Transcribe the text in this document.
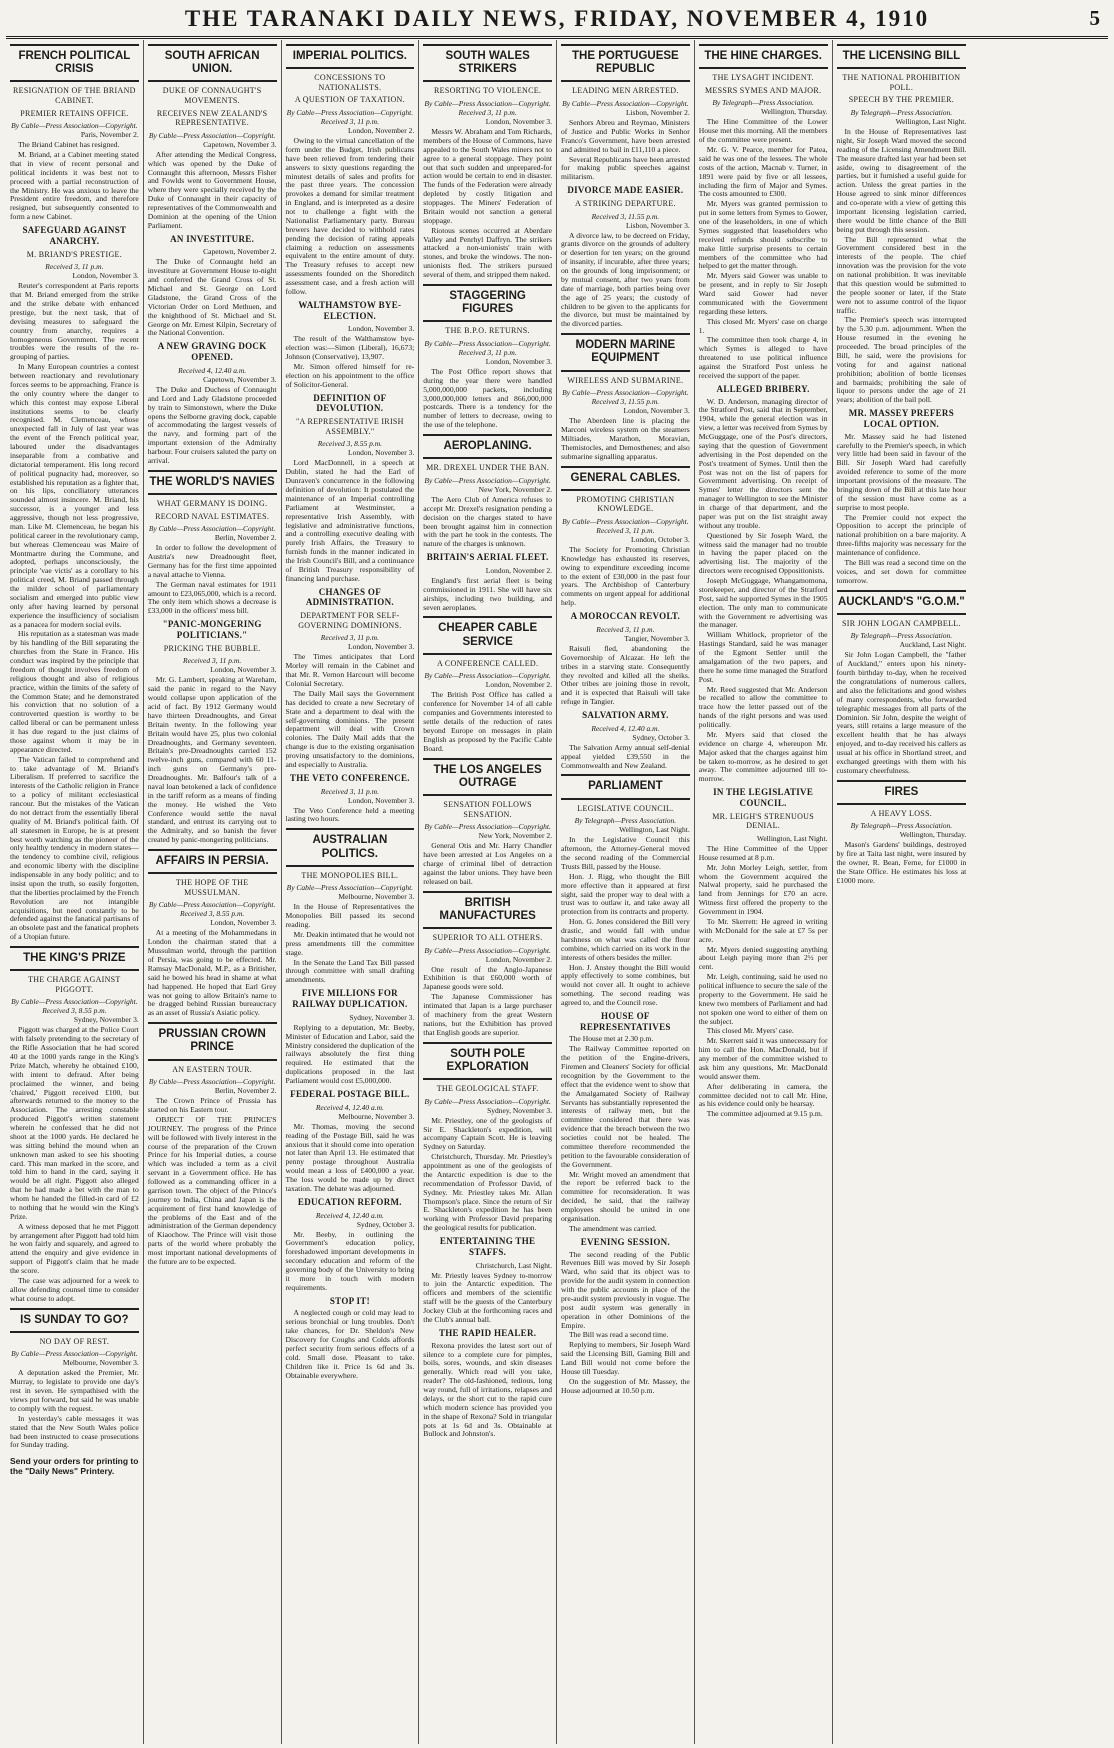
THE TARANAKI DAILY NEWS, FRIDAY, NOVEMBER 4, 1910	5
FRENCH POLITICAL CRISIS
RESIGNATION OF THE BRIAND CABINET.
PREMIER RETAINS OFFICE.
By Cable—Press Association—Copyright.
Paris, November 2.

The Briand Cabinet has resigned.

M. Briand, at a Cabinet meeting stated that in view of recent personal and political incidents it was best not to proceed with a partial reconstruction of the Ministry. He was anxious to leave the President entire freedom, and therefore resigned, but subsequently consented to form a new Cabinet.

SAFEGUARD AGAINST ANARCHY.
M. BRIAND'S PRESTIGE.
Received 3, 11 p.m.
London, November 3.

Reuter's correspondent at Paris reports that M. Briand emerged from the strike and the strike debate with enhanced prestige, but the next task, that of devising measures to safeguard the country from anarchy, requires a homogeneous Government. The recent troubles were the results of the re-grouping of parties.

In Many European countries a contest between reactionary and revolutionary forces seems to be approaching. France is the only country where the danger to which this contest may expose Liberal institutions seems to be clearly recognised. M. Clemenceau, whose unexpected fall in July of last year was the event of the French political year, laboured under the disadvantages inseparable from a combative and dictatorial temperament. His long record of political pugnacity had, moreover, so established his reputation as a fighter that, on his lips, conciliatory utterances sounded almost insincere. M. Briand, his successor, is a younger and less aggressive, though not less progressive, man. Like M. Clemenceau, he began his political career in the revolutionary camp, but whereas Clemenceau was Maire of Montmartre during the Commune, and adopted, perhaps unconsciously, the principle 'vae victis' as a corollary to his political creed, M. Briand passed through the milder school of parliamentary socialism and emerged into public view only after having learned by personal experience the insufficiency of socialism as a panacea for modern social evils.

His reputation as a statesman was made by his handling of the Bill separating the churches from the State in France. His conduct was inspired by the principle that freedom of thought involves freedom of religious thought and also of religious practice, within the limits of the safety of the Common State; and he demonstrated his conviction that no solution of a controverted question is worthy to be called liberal or can be permanent unless it has due regard to the just claims of those against whom it may be in appearance directed.

The Vatican failed to comprehend and to take advantage of M. Briand's Liberalism. If preferred to sacrifice the interests of the Catholic religion in France to a policy of militant ecclesiastical rancour. But the mistakes of the Vatican do not detract from the essentially liberal quality of M. Briand's political faith. Of all statesmen in Europe, he is at present best worth watching as the pioneer of the only healthy tendency in modern states—the tendency to combine civil, religious and economic liberty with the discipline indispensable in any body politic; and to insist upon the truth, so easily forgotten, that the liberties proclaimed by the French Revolution are not intangible acquisitions, but need constantly to be defended against the fanatical partisans of an obsolete past and the fanatical prophets of a Utopian future.

THE KING'S PRIZE
THE CHARGE AGAINST PIGGOTT.
By Cable—Press Association—Copyright. Received 3, 8.55 p.m.
Sydney, November 3.

Piggott was charged at the Police Court with falsely pretending to the secretary of the Rifle Association that he had scored 40 at the 1000 yards range in the King's Prize Match, whereby he obtained £100, with intent to defraud. After being proclaimed the winner, and being 'chaired,' Piggott received £100, but afterwards returned to the money to the Association. The arresting constable produced Piggott's written statement wherein he confessed that he did not shoot at the 1000 yards. He declared he was sitting behind the mound when an unknown man asked to see his shooting card. This man marked in the score, and told him to hand in the card, saying it would be all right. Piggott also alleged that he had made a bet with the man to whom he handed the filled-in card of £2 to nothing that he would win the King's Prize.

A witness deposed that he met Piggott by arrangement after Piggott had told him he won fairly and squarely, and agreed to attend the enquiry and give evidence in support of Piggott's claim that he made the score.

The case was adjourned for a week to allow defending counsel time to consider what course to adopt.

IS SUNDAY TO GO?
NO DAY OF REST.
By Cable—Press Association—Copyright.
Melbourne, November 3.

A deputation asked the Premier, Mr. Murray, to legislate to provide one day's rest in seven. He sympathised with the views put forward, but said he was unable to comply with the request.

In yesterday's cable messages it was stated that the New South Wales police had been instructed to cease prosecutions for Sunday trading.

Send your orders for printing to the "Daily News" Printery.
SOUTH AFRICAN UNION.
DUKE OF CONNAUGHT'S MOVEMENTS.
RECEIVES NEW ZEALAND'S REPRESENTATIVE.
By Cable—Press Association—Copyright.
Capetown, November 3.

After attending the Medical Congress, which was opened by the Duke of Connaught this afternoon, Messrs Fisher and Fowlds went to Government House, where they were specially received by the Duke of Connaught in their capacity of representatives of the Commonwealth and Dominion at the opening of the Union Parliament.

AN INVESTITURE.
Capetown, November 2.

The Duke of Connaught held an investiture at Government House to-night and conferred the Grand Cross of St. Michael and St. George on Lord Gladstone, the Grand Cross of the Victorian Order on Lord Methuen, and the knighthood of St. Michael and St. George on Mr. Ernest Kilpin, Secretary of the National Convention.

A NEW GRAVING DOCK OPENED.
Received 4, 12.40 a.m.
Capetown, November 3.

The Duke and Duchess of Connaught and Lord and Lady Gladstone proceeded by train to Simonstown, where the Duke opens the Selborne graving dock, capable of accommodating the largest vessels of the navy, and forming part of the important extension of the Admiralty harbour. Four cruisers saluted the party on arrival.

THE WORLD'S NAVIES
WHAT GERMANY IS DOING.
RECORD NAVAL ESTIMATES.
By Cable—Press Association—Copyright.
Berlin, November 2.

In order to follow the development of Austria's new Dreadnought fleet, Germany has for the first time appointed a naval attache to Vienna.

The German naval estimates for 1911 amount to £23,065,000, which is a record. The only item which shows a decrease is £33,000 in the officers' mess bill.

"PANIC-MONGERING POLITICIANS."
PRICKING THE BUBBLE.
Received 3, 11 p.m.
London, November 3.

Mr. G. Lambert, speaking at Wareham, said the panic in regard to the Navy would collapse upon application of the acid of fact. By 1912 Germany would have thirteen Dreadnoughts, and Great Britain twenty. In the following year Britain would have 25, plus two colonial Dreadnoughts, and Germany seventeen. Britain's pre-Dreadnoughts carried 152 twelve-inch guns, compared with 60 11-inch guns on Germany's pre-Dreadnoughts. Mr. Balfour's talk of a naval loan betokened a lack of confidence in the tariff reform as a means of finding the money. He wished the Veto Conference would settle the naval standard, and entrust its carrying out to the Admiralty, and so banish the fever created by panic-mongering politicians.

AFFAIRS IN PERSIA.
THE HOPE OF THE MUSSULMAN.
By Cable—Press Association—Copyright. Received 3, 8.55 p.m.
London, November 3.

At a meeting of the Mohammedans in London the chairman stated that a Mussulman world, through the partition of Persia, was going to be effected. Mr. Ramsay MacDonald, M.P., as a Britisher, said he bowed his head in shame at what had happened. He hoped that Earl Grey was not going to allow Britain's name to be dragged behind Russian bureaucracy as an asset of Russia's Asiatic policy.

PRUSSIAN CROWN PRINCE
AN EASTERN TOUR.
By Cable—Press Association—Copyright.
Berlin, November 2.

The Crown Prince of Prussia has started on his Eastern tour.

OBJECT OF THE PRINCE'S JOURNEY. The progress of the Prince will be followed with lively interest in the course of the preparation of the Crown Prince for his Imperial duties, a course which was included a term as a civil servant in a Government office. He has followed as a commanding officer in a garrison town. The object of the Prince's journey to India, China and Japan is the acquirement of first hand knowledge of the problems of the East and of the administration of the German dependency of Kiaochow. The Prince will visit those parts of the world where probably the most important national developments of the future are to be expected.

IMPERIAL POLITICS.
CONCESSIONS TO NATIONALISTS.
A QUESTION OF TAXATION.
By Cable—Press Association—Copyright. Received 3, 11 p.m.
London, November 2.

Owing to the virtual cancellation of the form under the Budget, Irish publicans have been relieved from tendering their answers to sixty questions regarding the minutest details of sales and profits for the past three years. The concession provokes a demand for similar treatment in England, and is interpreted as a desire not to challenge a fight with the Nationalist Parliamentary party. Bureau brewers have decided to withhold rates pending the decision of rating appeals claiming a reduction on assessments equivalent to the entire amount of duty. The Treasury refuses to accept new assessments founded on the Shoreditch assessment case, and a fresh action will follow.

WALTHAMSTOW BYE-ELECTION.
London, November 3.

The result of the Walthamstow bye-election was:—Simon (Liberal), 16,673; Johnson (Conservative), 13,907.

Mr. Simon offered himself for re-election on his appointment to the office of Solicitor-General.

DEFINITION OF DEVOLUTION.
"A REPRESENTATIVE IRISH ASSEMBLY."
Received 3, 8.55 p.m.
London, November 3.

Lord MacDonnell, in a speech at Dublin, stated he had the Earl of Dunraven's concurrence in the following definition of devolution: It postulated the maintenance of an Imperial controlling Parliament at Westminster, a representative Irish Assembly, with legislative and administrative functions, and a controlling executive dealing with purely Irish Affairs, the Treasury to furnish funds in the manner indicated in the Irish Council's Bill, and a continuance of British Treasury responsibility of financing land purchase.

CHANGES OF ADMINISTRATION.
DEPARTMENT FOR SELF-GOVERNING DOMINIONS.
Received 3, 11 p.m.
London, November 3.

The Times anticipates that Lord Morley will remain in the Cabinet and that Mr. R. Vernon Harcourt will become Colonial Secretary.

The Daily Mail says the Government has decided to create a new Secretary of State and a department to deal with the self-governing dominions. The present department will deal with Crown colonies. The Daily Mail adds that the change is due to the existing organisation proving unsatisfactory to the dominions, and especially to Australia.

THE VETO CONFERENCE.
Received 3, 11 p.m.
London, November 3.

The Veto Conference held a meeting lasting two hours.

AUSTRALIAN POLITICS.
THE MONOPOLIES BILL.
By Cable—Press Association—Copyright.
Melbourne, November 3.

In the House of Representatives the Monopolies Bill passed its second reading.

Mr. Deakin intimated that he would not press amendments till the committee stage.

In the Senate the Land Tax Bill passed through committee with small drafting amendments.

FIVE MILLIONS FOR RAILWAY DUPLICATION.
Sydney, November 3.

Replying to a deputation, Mr. Beeby, Minister of Education and Labor, said the Ministry considered the duplication of the railways absolutely the first thing required. He estimated that the duplications proposed in the last Parliament would cost £5,000,000.

FEDERAL POSTAGE BILL.
Received 4, 12.40 a.m.
Melbourne, November 3.

Mr. Thomas, moving the second reading of the Postage Bill, said he was anxious that it should come into operation not later than April 13. He estimated that penny postage throughout Australia would mean a loss of £400,000 a year. The loss would be made up by direct taxation. The debate was adjourned.

EDUCATION REFORM.
Received 4, 12.40 a.m.
Sydney, October 3.

Mr. Beeby, in outlining the Government's education policy, foreshadowed important developments in secondary education and reform of the governing body of the University to bring it more in touch with modern requirements.

STOP IT!

A neglected cough or cold may lead to serious bronchial or lung troubles. Don't take chances, for Dr. Sheldon's New Discovery for Coughs and Colds affords perfect security from serious effects of a cold. Small dose. Pleasant to take. Children like it. Price 1s 6d and 3s. Obtainable everywhere.

SOUTH WALES STRIKERS
RESORTING TO VIOLENCE.
By Cable—Press Association—Copyright. Received 3, 11 p.m.
London, November 3.

Messrs W. Abraham and Tom Richards, members of the House of Commons, have appealed to the South Wales miners not to agree to a general stoppage. They point out that such sudden and unprepared-for action would be certain to end in disaster. The funds of the Federation were already depleted by costly litigation and stoppages. The Miners' Federation of Britain would not sanction a general stoppage.

Riotous scenes occurred at Aberdare Valley and Penrhyl Daffryn. The strikers attacked a non-unionists' train with stones, and broke the windows. The non-unionists fled. The strikers pursued several of them, and stripped them naked.

STAGGERING FIGURES
THE B.P.O. RETURNS.
By Cable—Press Association—Copyright. Received 3, 11 p.m.
London, November 3.

The Post Office report shows that during the year there were handled 5,000,000,000 packets, including 3,000,000,000 letters and 866,000,000 postcards. There is a tendency for the number of letters to decrease, owing to the use of the telephone.

AEROPLANING.
MR. DREXEL UNDER THE BAN.
By Cable—Press Association—Copyright.
New York, November 2.

The Aero Club of America refuses to accept Mr. Drexel's resignation pending a decision on the charges stated to have been brought against him in connection with the part he took in the contests. The nature of the charges is unknown.

BRITAIN'S AERIAL FLEET.
London, November 2.

England's first aerial fleet is being commissioned in 1911. She will have six airships, including two building, and seven aeroplanes.

CHEAPER CABLE SERVICE
A CONFERENCE CALLED.
By Cable—Press Association—Copyright.
London, November 2.

The British Post Office has called a conference for November 14 of all cable companies and Governments interested to settle details of the reduction of rates beyond Europe on messages in plain English as proposed by the Pacific Cable Board.

THE LOS ANGELES OUTRAGE
SENSATION FOLLOWS SENSATION.
By Cable—Press Association—Copyright.
New York, November 2.

General Otis and Mr. Harry Chandler have been arrested at Los Angeles on a charge of criminal libel of detraction against the labor unions. They have been released on bail.

BRITISH MANUFACTURES
SUPERIOR TO ALL OTHERS.
By Cable—Press Association—Copyright.
London, November 2.

One result of the Anglo-Japanese Exhibition is that £60,000 worth of Japanese goods were sold.

The Japanese Commissioner has intimated that Japan is a large purchaser of machinery from the great Western nations, but the Exhibition has proved that English goods are superior.

SOUTH POLE EXPLORATION
THE GEOLOGICAL STAFF.
By Cable—Press Association—Copyright.
Sydney, November 3.

Mr. Priestley, one of the geologists of Sir E. Shackleton's expedition, will accompany Captain Scott. He is leaving Sydney on Saturday.

Christchurch, Thursday. Mr. Priestley's appointment as one of the geologists of the Antarctic expedition is due to the recommendation of Professor David, of Sydney. Mr. Priestley takes Mr. Allan Thompson's place. Since the return of Sir E. Shackleton's expedition he has been working with Professor David preparing the geological results for publication.

ENTERTAINING THE STAFFS.
Christchurch, Last Night.

Mr. Priestly leaves Sydney to-morrow to join the Antarctic expedition. The officers and members of the scientific staff will be the guests of the Canterbury Jockey Club at the forthcoming races and the Club's annual ball.

THE RAPID HEALER.

Rexona provides the latest sort out of silence to a complete cure for pimples, boils, sores, wounds, and skin diseases generally. Which read will you take, reader? The old-fashioned, tedious, long way round, full of irritations, relapses and delays, or the short cut to the rapid cure which modern science has provided you in the shape of Rexona? Sold in triangular pots at 1s 6d and 3s. Obtainable at Bullock and Johnston's.

THE PORTUGUESE REPUBLIC
LEADING MEN ARRESTED.
By Cable—Press Association—Copyright.
Lisbon, November 2.

Senhors Abreu and Reymao, Ministers of Justice and Public Works in Senhor Franco's Government, have been arrested and admitted to bail in £11,110 a piece.

Several Republicans have been arrested for making public speeches against militarism.

DIVORCE MADE EASIER.
A STRIKING DEPARTURE.
Received 3, 11.55 p.m.
Lisbon, November 3.

A divorce law, to be decreed on Friday, grants divorce on the grounds of adultery or desertion for ten years; on the ground of insanity, if incurable, after three years; on the grounds of long imprisonment; or by mutual consent, after two years from date of marriage, both parties being over the age of 25 years; the custody of children to be given to the applicants for the divorce, but must be maintained by the divorced parties.

MODERN MARINE EQUIPMENT
WIRELESS AND SUBMARINE.
By Cable—Press Association—Copyright. Received 3, 11.55 p.m.
London, November 3.

The Aberdeen line is placing the Marconi wireless system on the steamers Miltiades, Marathon, Moravian, Themistocles, and Demosthenes; and also submarine signalling apparatus.

GENERAL CABLES.
PROMOTING CHRISTIAN KNOWLEDGE.
By Cable—Press Association—Copyright. Received 3, 11 p.m.
London, October 3.

The Society for Promoting Christian Knowledge has exhausted its reserves, owing to expenditure exceeding income to the extent of £30,000 in the past four years. The Archbishop of Canterbury comments on urgent appeal for additional help.

A MOROCCAN REVOLT.
Received 3, 11 p.m.
Tangier, November 3.

Raisuli fled, abandoning the Governorship of Alcazar. He left the tribes in a starving state. Consequently they revolted and killed all the sheiks. Other tribes are joining those in revolt, and it is expected that Raisuli will take refuge in Tangier.

SALVATION ARMY.
Received 4, 12.40 a.m.
Sydney, October 3.

The Salvation Army annual self-denial appeal yielded £39,550 in the Commonwealth and New Zealand.

PARLIAMENT
LEGISLATIVE COUNCIL.
By Telegraph—Press Association.
Wellington, Last Night.

In the Legislative Council this afternoon, the Attorney-General moved the second reading of the Commercial Trusts Bill, passed by the House.

Hon. J. Rigg, who thought the Bill more effective than it appeared at first sight, said the proper way to deal with a trust was to outlaw it, and take away all protection from its contracts and property.

Hon. G. Jones considered the Bill very drastic, and would fall with undue harshness on what was called the flour combine, which carried on its work in the interests of others besides the miller.

Hon. J. Anstey thought the Bill would apply effectively to some combines, but would not cover all. It ought to achieve something. The second reading was agreed to, and the Council rose.

HOUSE OF REPRESENTATIVES

The House met at 2.30 p.m.

The Railway Committee reported on the petition of the Engine-drivers, Firemen and Cleaners' Society for official recognition by the Government to the effect that the evidence went to show that the Amalgamated Society of Railway Servants has substantially represented the interests of railway men, but the committee considered that there was evidence that the breach between the two societies could not be healed. The committee therefore recommended the petition to the favourable consideration of the Government.

Mr. Wright moved an amendment that the report be referred back to the committee for reconsideration. It was decided, he said, that the railway employees should be united in one organisation.

The amendment was carried.

EVENING SESSION.

The second reading of the Public Revenues Bill was moved by Sir Joseph Ward, who said that its object was to provide for the audit system in connection with the public accounts in place of the pre-audit system previously in vogue. The post audit system was generally in operation in other Dominions of the Empire.

The Bill was read a second time.

Replying to members, Sir Joseph Ward said the Licensing Bill, Gaming Bill and Land Bill would not come before the House till Tuesday.

On the suggestion of Mr. Massey, the House adjourned at 10.50 p.m.

THE HINE CHARGES.
THE LYSAGHT INCIDENT.
MESSRS SYMES AND MAJOR.
By Telegraph—Press Association.
Wellington, Thursday.

The Hine Committee of the Lower House met this morning. All the members of the committee were present.

Mr. G. V. Pearce, member for Patea, said he was one of the lessees. The whole costs of the action, Macnab v. Turner, in 1891 were paid by five or all lessees, including the firm of Major and Symes. The costs amounted to £300.

Mr. Myers was granted permission to put in some letters from Symes to Gower, one of the leaseholders, in one of which Symes suggested that leaseholders who received refunds should subscribe to make little surprise presents to certain members of the committee who had helped to get the matter through.

Mr. Myers said Gower was unable to be present, and in reply to Sir Joseph Ward said Gower had never communicated with the Government regarding these letters.

This closed Mr. Myers' case on charge 1.

The committee then took charge 4, in which Symes is alleged to have threatened to use political influence against the Stratford Post unless he received the support of the paper.

ALLEGED BRIBERY.

W. D. Anderson, managing director of the Stratford Post, said that in September, 1904, while the general election was in view, a letter was received from Symes by McGuggage, one of the Post's directors, saying that the question of Government advertising in the Post depended on the Post's treatment of Symes. Until then the Post was not on the list of papers for Government advertising. On receipt of Symes' letter the directors sent the manager to Wellington to see the Minister in charge of that department, and the paper was put on the list straight away without any trouble.

Questioned by Sir Joseph Ward, the witness said the manager had no trouble in having the paper placed on the advertising list. The majority of the directors were recognised Oppositionists.

Joseph McGuggage, Whangamomona, storekeeper, and director of the Stratford Post, said he supported Symes in the 1905 election. The only man to communicate with the Government re advertising was the manager.

William Whitlock, proprietor of the Hastings Standard, said he was manager of the Egmont Settler until the amalgamation of the two papers, and there he some time managed the Stratford Post.

Mr. Reed suggested that Mr. Anderson be recalled to allow the committee to trace how the letter passed out of the hands of the right persons and was used politically.

Mr. Myers said that closed the evidence on charge 4, whereupon Mr. Major asked that the charges against him be taken to-morrow, as he desired to get away. The committee adjourned till to-morrow.

IN THE LEGISLATIVE COUNCIL.
MR. LEIGH'S STRENUOUS DENIAL.
Wellington, Last Night.

The Hine Committee of the Upper House resumed at 8 p.m.

Mr. John Morley Leigh, settler, from whom the Government acquired the Nalwal property, said he purchased the land from Jennings for £70 an acre. Witness first offered the property to the Government in 1904.

To Mr. Skerrett: He agreed in writing with McDonald for the sale at £7 5s per acre.

Mr. Myers denied suggesting anything about Leigh paying more than 2½ per cent.

Mr. Leigh, continuing, said he used no political influence to secure the sale of the property to the Government. He said he knew two members of Parliament and had not spoken one word to either of them on the subject.

This closed Mr. Myers' case.

Mr. Skerrett said it was unnecessary for him to call the Hon. MacDonald, but if any member of the committee wished to ask him any questions, Mr. MacDonald would answer them.

After deliberating in camera, the committee decided not to call Mr. Hine, as his evidence could only be hearsay.

The committee adjourned at 9.15 p.m.

THE LICENSING BILL
THE NATIONAL PROHIBITION POLL.
SPEECH BY THE PREMIER.
By Telegraph—Press Association.
Wellington, Last Night.

In the House of Representatives last night, Sir Joseph Ward moved the second reading of the Licensing Amendment Bill. The measure drafted last year had been set aside, owing to disagreement of the parties, but it furnished a useful guide for action. Unless the great parties in the House agreed to sink minor differences and co-operate with a view of getting this important licensing legislation carried, there would be little chance of the Bill being put through this session.

The Bill represented what the Government considered best in the interests of the people. The chief innovation was the provision for the vote on national prohibition. It was inevitable that this question would be submitted to the people sooner or later, if the State were not to assume control of the liquor traffic.

The Premier's speech was interrupted by the 5.30 p.m. adjournment. When the House resumed in the evening he proceeded. The broad principles of the Bill, he said, were the provisions for voting for and against national prohibition; abolition of bottle licenses and barmaids; prohibiting the sale of liquor to persons under the age of 21 years; abolition of the bail poll.

MR. MASSEY PREFERS LOCAL OPTION.

Mr. Massey said he had listened carefully to the Premier's speech, in which very little had been said in favour of the Bill. Sir Joseph Ward had carefully avoided reference to some of the more important provisions of the measure. The bringing down of the Bill at this late hour of the session must have come as a surprise to most people.

The Premier could not expect the Opposition to accept the principle of national prohibition on a bare majority. A three-fifths majority was necessary for the maintenance of confidence.

The Bill was read a second time on the voices, and set down for committee tomorrow.

AUCKLAND'S "G.O.M."
SIR JOHN LOGAN CAMPBELL.
By Telegraph—Press Association.
Auckland, Last Night.

Sir John Logan Campbell, the "father of Auckland," enters upon his ninety-fourth birthday to-day, when he received the congratulations of numerous callers, and also the felicitations and good wishes of many correspondents, who forwarded telegraphic messages from all parts of the Dominion. Sir John, despite the weight of years, still retains a large measure of the excellent health that he has always enjoyed, and to-day received his callers as usual at his office in Shortland street, and exchanged greetings with them with his customary cheerfulness.

FIRES
A HEAVY LOSS.
By Telegraph—Press Association.
Wellington, Thursday.

Mason's Gardens' buildings, destroyed by fire at Taita last night, were insured by the owner, R. Bean, Ferne, for £1000 in the State Office. He estimates his loss at £1000 more.
